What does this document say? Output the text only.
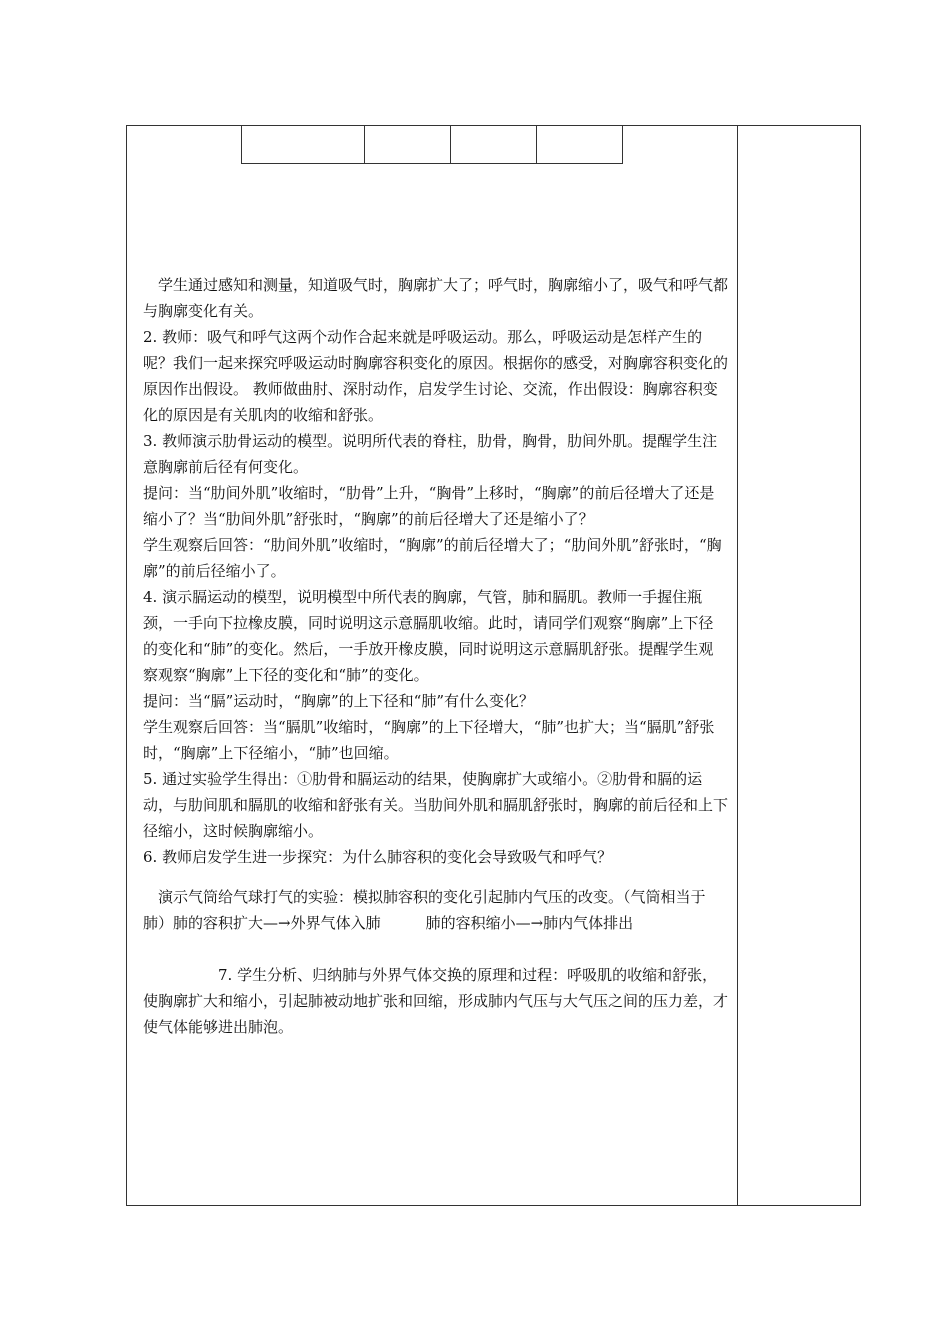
学生通过感知和测量，知道吸气时，胸廓扩大了；呼气时，胸廓缩小了，吸气和呼气都与胸廓变化有关。

2. 教师：吸气和呼气这两个动作合起来就是呼吸运动。那么，呼吸运动是怎样产生的呢？我们一起来探究呼吸运动时胸廓容积变化的原因。根据你的感受，对胸廓容积变化的原因作出假设。 教师做曲肘、深肘动作，启发学生讨论、交流，作出假设：胸廓容积变化的原因是有关肌肉的收缩和舒张。

3. 教师演示肋骨运动的模型。说明所代表的脊柱，肋骨，胸骨，肋间外肌。提醒学生注意胸廓前后径有何变化。

提问：当“肋间外肌”收缩时，“肋骨”上升，“胸骨”上移时，“胸廓”的前后径增大了还是缩小了？当“肋间外肌”舒张时，“胸廓”的前后径增大了还是缩小了？

学生观察后回答：“肋间外肌”收缩时，“胸廓”的前后径增大了；“肋间外肌”舒张时，“胸廓”的前后径缩小了。

4. 演示膈运动的模型，说明模型中所代表的胸廓，气管，肺和膈肌。教师一手握住瓶颈，一手向下拉橡皮膜，同时说明这示意膈肌收缩。此时，请同学们观察“胸廓”上下径的变化和“肺”的变化。然后，一手放开橡皮膜，同时说明这示意膈肌舒张。提醒学生观察观察“胸廓”上下径的变化和“肺”的变化。

提问：当“膈”运动时，“胸廓”的上下径和“肺”有什么变化？

学生观察后回答：当“膈肌”收缩时，“胸廓”的上下径增大，“肺”也扩大；当“膈肌”舒张时，“胸廓”上下径缩小，“肺”也回缩。

5. 通过实验学生得出：①肋骨和膈运动的结果，使胸廓扩大或缩小。②肋骨和膈的运动，与肋间肌和膈肌的收缩和舒张有关。当肋间外肌和膈肌舒张时，胸廓的前后径和上下径缩小，这时候胸廓缩小。

6. 教师启发学生进一步探究：为什么肺容积的变化会导致吸气和呼气？

演示气筒给气球打气的实验：模拟肺容积的变化引起肺内气压的改变。（气筒相当于肺）肺的容积扩大—→外界气体入肺　　　肺的容积缩小—→肺内气体排出

7. 学生分析、归纳肺与外界气体交换的原理和过程：呼吸肌的收缩和舒张，使胸廓扩大和缩小，引起肺被动地扩张和回缩，形成肺内气压与大气压之间的压力差，才使气体能够进出肺泡。
